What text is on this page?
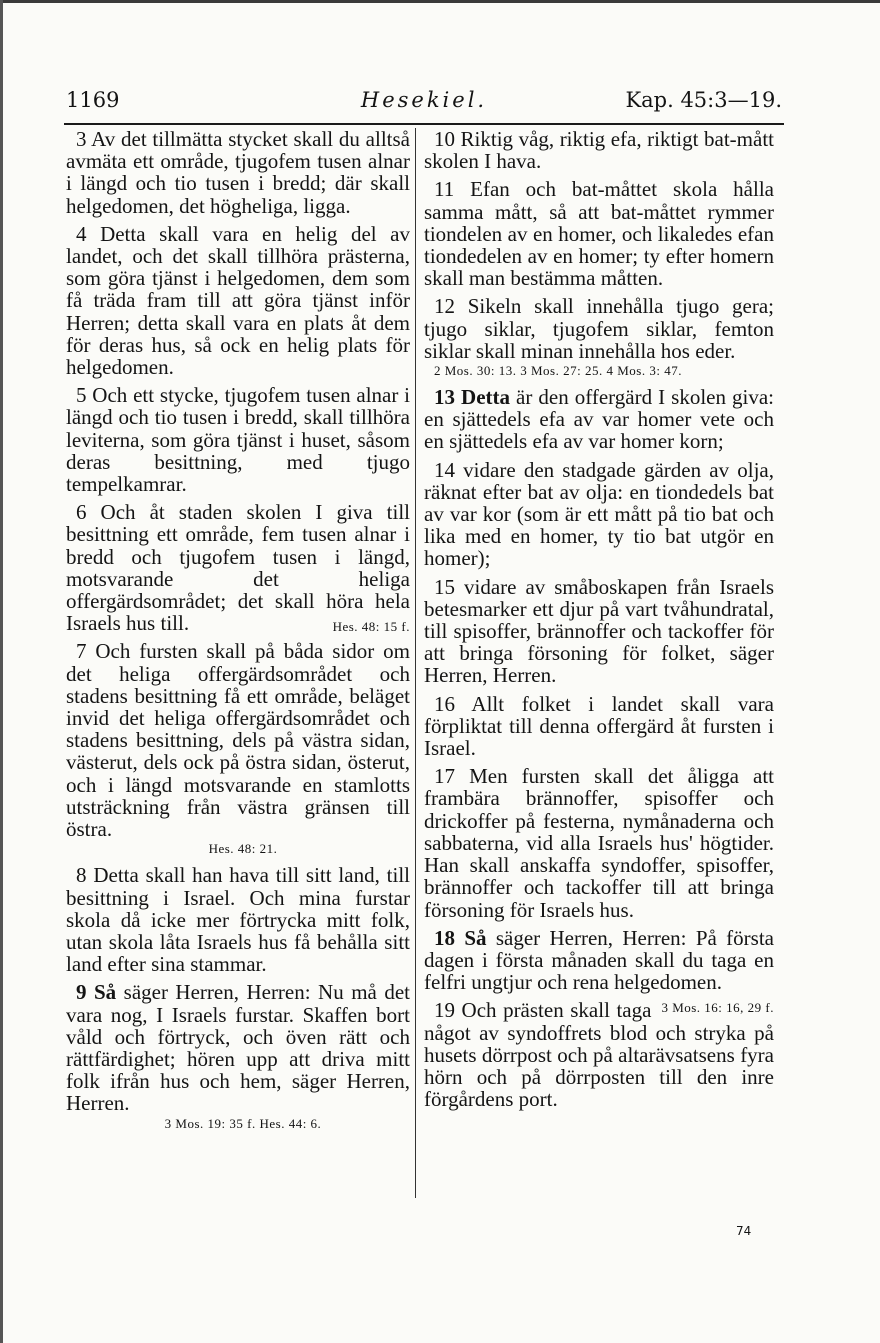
1169	Hesekiel.	Kap. 45:3—19.

3 Av det tillmätta stycket skall du alltså avmäta ett område, tjugofem tusen alnar i längd och tio tusen i bredd; där skall helgedomen, det högheliga, ligga.

4 Detta skall vara en helig del av landet, och det skall tillhöra prästerna, som göra tjänst i helgedomen, dem som få träda fram till att göra tjänst inför Herren; detta skall vara en plats åt dem för deras hus, så ock en helig plats för helgedomen.

5 Och ett stycke, tjugofem tusen alnar i längd och tio tusen i bredd, skall tillhöra leviterna, som göra tjänst i huset, såsom deras besittning, med tjugo tempelkamrar.

6 Och åt staden skolen I giva till besittning ett område, fem tusen alnar i bredd och tjugofem tusen i längd, motsvarande det heliga offergärdsområdet; det skall höra hela Israels hus till.	Hes. 48: 15 f.

7 Och fursten skall på båda sidor om det heliga offergärdsområdet och stadens besittning få ett område, beläget invid det heliga offergärdsområdet och stadens besittning, dels på västra sidan, västerut, dels ock på östra sidan, österut, och i längd motsvarande en stamlotts utsträckning från västra gränsen till östra.
Hes. 48: 21.

8 Detta skall han hava till sitt land, till besittning i Israel. Och mina furstar skola då icke mer förtrycka mitt folk, utan skola låta Israels hus få behålla sitt land efter sina stammar.

9 Så säger Herren, Herren: Nu må det vara nog, I Israels furstar. Skaffen bort våld och förtryck, och öven rätt och rättfärdighet; hören upp att driva mitt folk ifrån hus och hem, säger Herren, Herren.
3 Mos. 19: 35 f. Hes. 44: 6.

10 Riktig våg, riktig efa, riktigt bat-mått skolen I hava.

11 Efan och bat-måttet skola hålla samma mått, så att bat-måttet rymmer tiondelen av en homer, och likaledes efan tiondedelen av en homer; ty efter homern skall man bestämma måtten.

12 Sikeln skall innehålla tjugo gera; tjugo siklar, tjugofem siklar, femton siklar skall minan innehålla hos eder.
2 Mos. 30: 13. 3 Mos. 27: 25. 4 Mos. 3: 47.

13 Detta är den offergärd I skolen giva: en sjättedels efa av var homer vete och en sjättedels efa av var homer korn;

14 vidare den stadgade gärden av olja, räknat efter bat av olja: en tiondedels bat av var kor (som är ett mått på tio bat och lika med en homer, ty tio bat utgör en homer);

15 vidare av småboskapen från Israels betesmarker ett djur på vart tvåhundratal, till spisoffer, brännoffer och tackoffer för att bringa försoning för folket, säger Herren, Herren.

16 Allt folket i landet skall vara förpliktat till denna offergärd åt fursten i Israel.

17 Men fursten skall det åligga att frambära brännoffer, spisoffer och drickoffer på festerna, nymånaderna och sabbaterna, vid alla Israels hus' högtider. Han skall anskaffa syndoffer, spisoffer, brännoffer och tackoffer till att bringa försoning för Israels hus.

18 Så säger Herren, Herren: På första dagen i första månaden skall du taga en felfri ungtjur och rena helgedomen.
3 Mos. 16: 16, 29 f.

19 Och prästen skall taga något av syndoffrets blod och stryka på husets dörrpost och på altarävsatsens fyra hörn och på dörrposten till den inre förgårdens port.

74
